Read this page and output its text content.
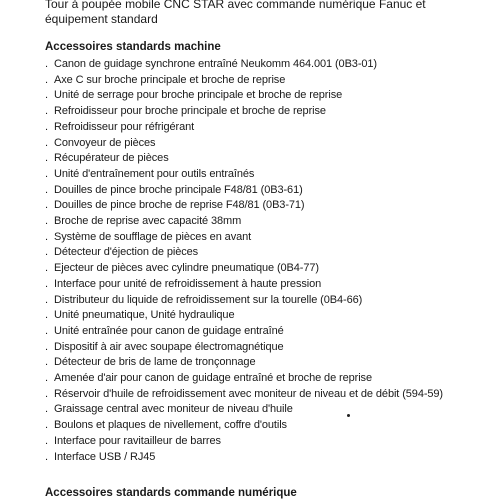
Tour à poupée mobile CNC STAR avec commande numérique Fanuc et équipement standard

Accessoires standards machine
. Canon de guidage synchrone entraîné Neukomm 464.001 (0B3-01)
. Axe C sur broche principale et broche de reprise
. Unité de serrage pour broche principale et broche de reprise
. Refroidisseur pour broche principale et broche de reprise
. Refroidisseur pour réfrigérant
. Convoyeur de pièces
. Récupérateur de pièces
. Unité d'entraînement pour outils entraînés
. Douilles de pince broche principale F48/81 (0B3-61)
. Douilles de pince broche de reprise F48/81 (0B3-71)
. Broche de reprise avec capacité 38mm
. Système de soufflage de pièces en avant
. Détecteur d'éjection de pièces
. Ejecteur de pièces avec cylindre pneumatique (0B4-77)
. Interface pour unité de refroidissement à haute pression
. Distributeur du liquide de refroidissement sur la tourelle (0B4-66)
. Unité pneumatique, Unité hydraulique
. Unité entraînée pour canon de guidage entraîné
. Dispositif à air avec soupape électromagnétique
. Détecteur de bris de lame de tronçonnage
. Amenée d'air pour canon de guidage entraîné et broche de reprise
. Réservoir d'huile de refroidissement avec moniteur de niveau et de débit (594-59)
. Graissage central avec moniteur de niveau d'huile
. Boulons et plaques de nivellement, coffre d'outils
. Interface pour ravitailleur de barres
. Interface USB / RJ45
Accessoires standards commande numérique
